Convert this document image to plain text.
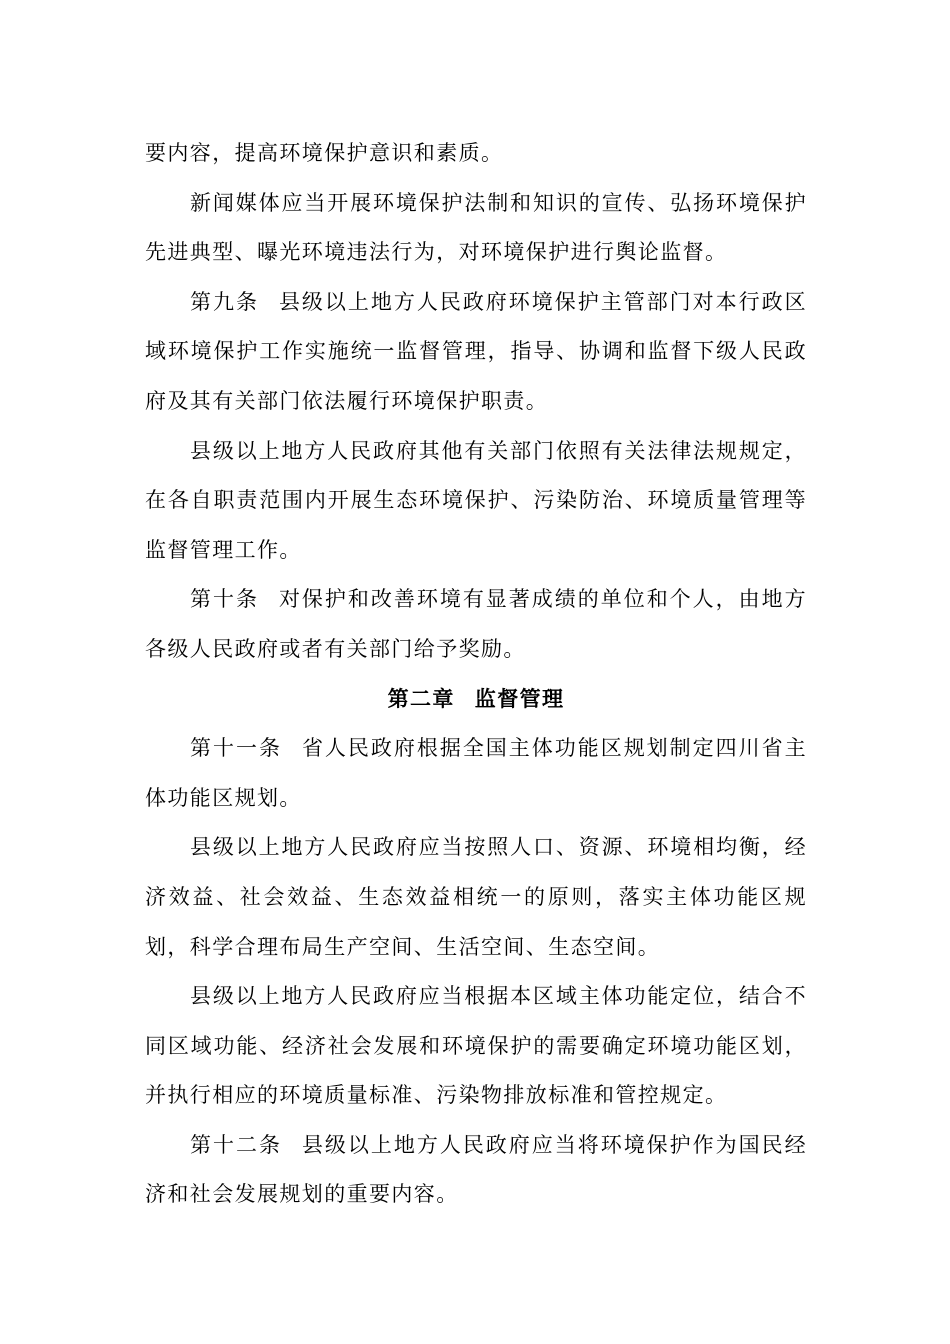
要内容，提高环境保护意识和素质。

新闻媒体应当开展环境保护法制和知识的宣传、弘扬环境保护先进典型、曝光环境违法行为，对环境保护进行舆论监督。

第九条 县级以上地方人民政府环境保护主管部门对本行政区域环境保护工作实施统一监督管理，指导、协调和监督下级人民政府及其有关部门依法履行环境保护职责。

县级以上地方人民政府其他有关部门依照有关法律法规规定，在各自职责范围内开展生态环境保护、污染防治、环境质量管理等监督管理工作。

第十条 对保护和改善环境有显著成绩的单位和个人，由地方各级人民政府或者有关部门给予奖励。

第二章 监督管理

第十一条 省人民政府根据全国主体功能区规划制定四川省主体功能区规划。

县级以上地方人民政府应当按照人口、资源、环境相均衡，经济效益、社会效益、生态效益相统一的原则，落实主体功能区规划，科学合理布局生产空间、生活空间、生态空间。

县级以上地方人民政府应当根据本区域主体功能定位，结合不同区域功能、经济社会发展和环境保护的需要确定环境功能区划，并执行相应的环境质量标准、污染物排放标准和管控规定。

第十二条 县级以上地方人民政府应当将环境保护作为国民经济和社会发展规划的重要内容。
